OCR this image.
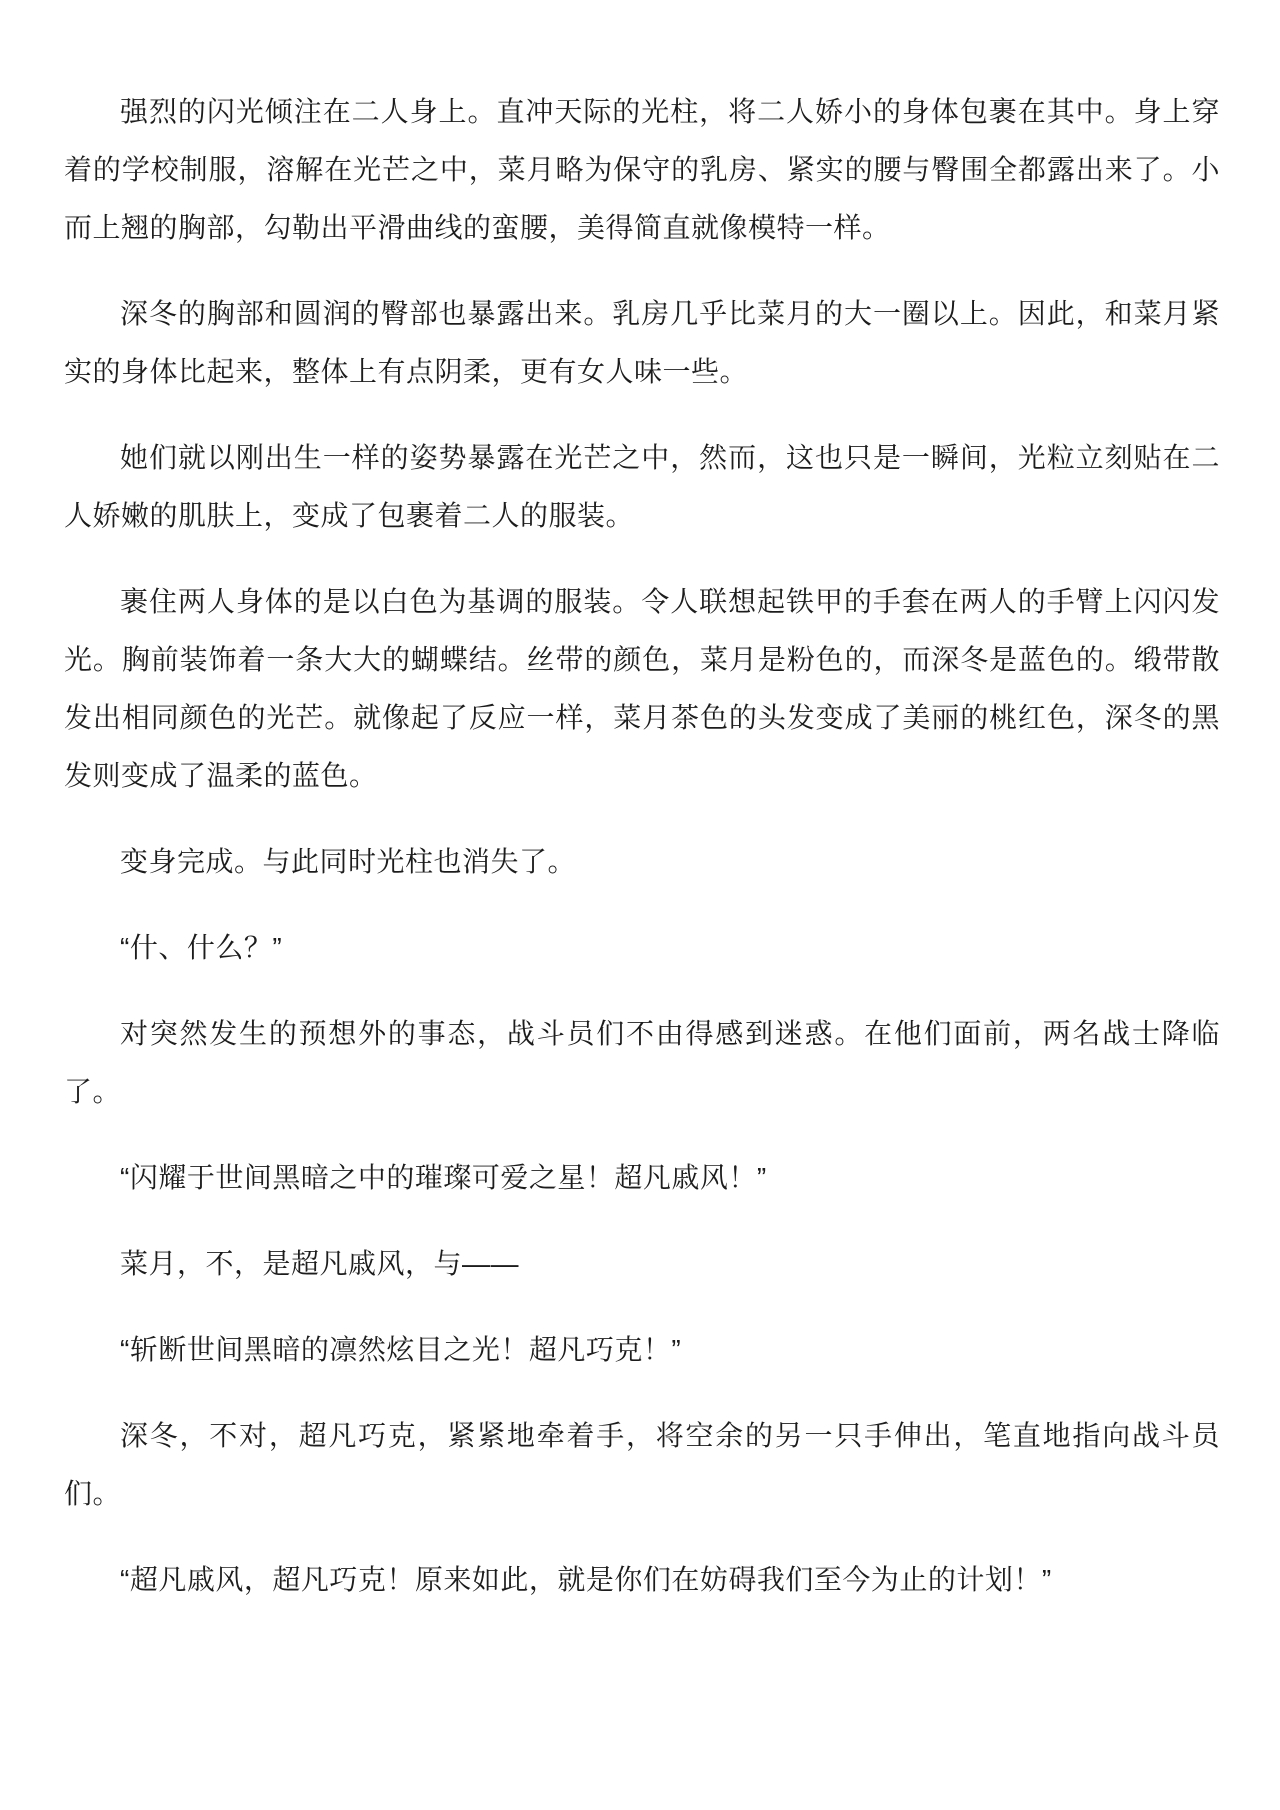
强烈的闪光倾注在二人身上。直冲天际的光柱，将二人娇小的身体包裹在其中。身上穿着的学校制服，溶解在光芒之中，菜月略为保守的乳房、紧实的腰与臀围全都露出来了。小而上翘的胸部，勾勒出平滑曲线的蛮腰，美得简直就像模特一样。

深冬的胸部和圆润的臀部也暴露出来。乳房几乎比菜月的大一圈以上。因此，和菜月紧实的身体比起来，整体上有点阴柔，更有女人味一些。

她们就以刚出生一样的姿势暴露在光芒之中，然而，这也只是一瞬间，光粒立刻贴在二人娇嫩的肌肤上，变成了包裹着二人的服装。

裹住两人身体的是以白色为基调的服装。令人联想起铁甲的手套在两人的手臂上闪闪发光。胸前装饰着一条大大的蝴蝶结。丝带的颜色，菜月是粉色的，而深冬是蓝色的。缎带散发出相同颜色的光芒。就像起了反应一样，菜月茶色的头发变成了美丽的桃红色，深冬的黑发则变成了温柔的蓝色。

变身完成。与此同时光柱也消失了。

“什、什么？”

对突然发生的预想外的事态，战斗员们不由得感到迷惑。在他们面前，两名战士降临了。

“闪耀于世间黑暗之中的璀璨可爱之星！超凡戚风！”

菜月，不，是超凡戚风，与——

“斩断世间黑暗的凛然炫目之光！超凡巧克！”

深冬，不对，超凡巧克，紧紧地牵着手，将空余的另一只手伸出，笔直地指向战斗员们。

“超凡戚风，超凡巧克！原来如此，就是你们在妨碍我们至今为止的计划！”
